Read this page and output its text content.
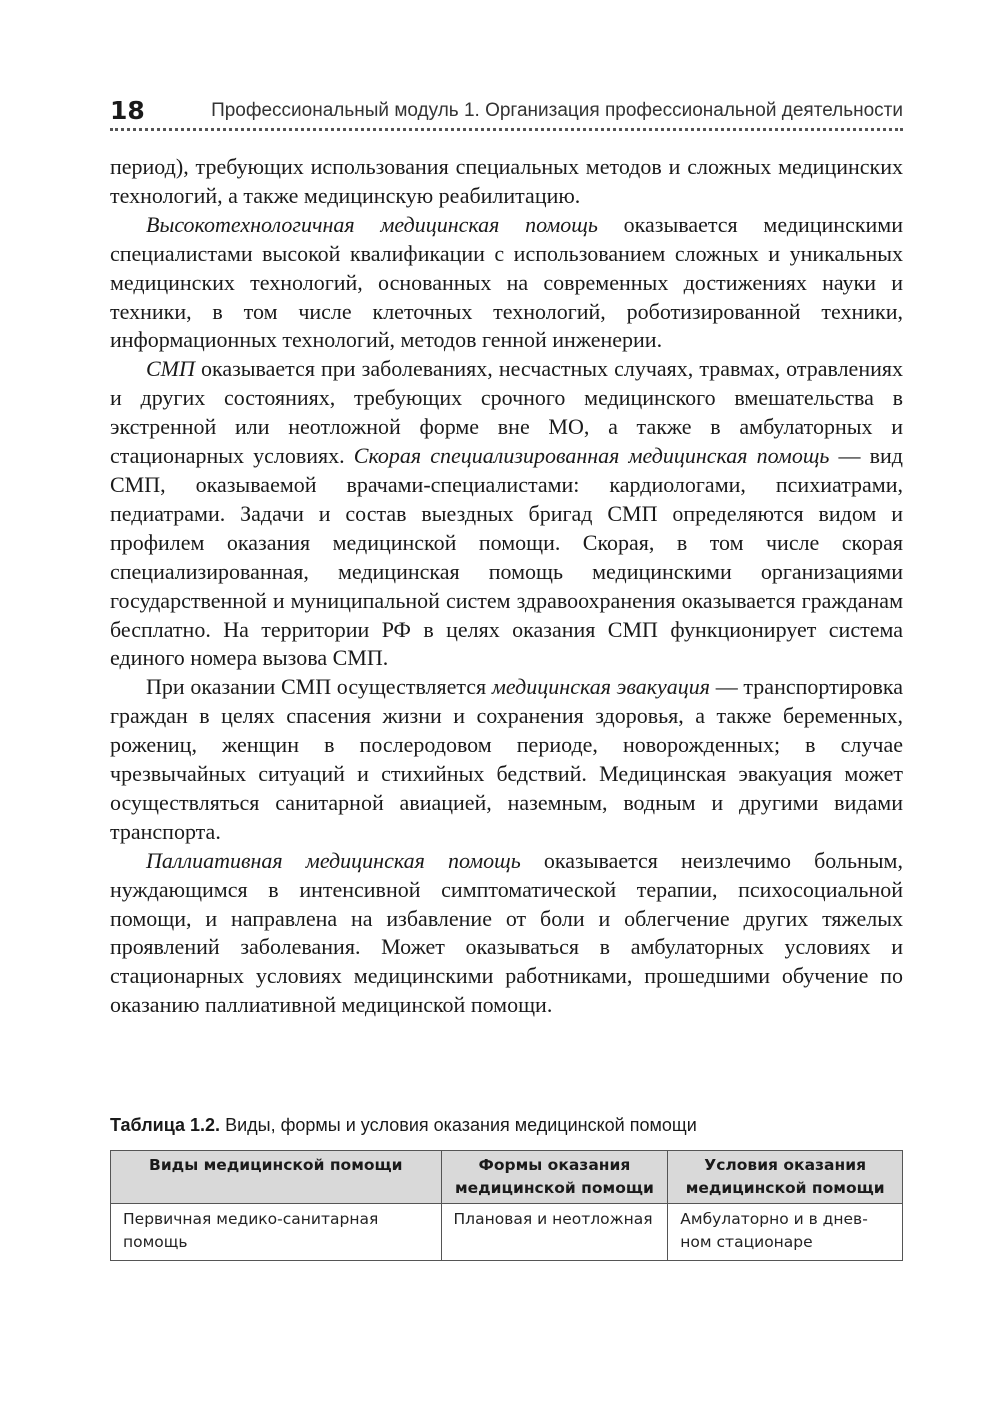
18	Профессиональный модуль 1. Организация профессиональной деятельности

период), требующих использования специальных методов и сложных медицинских технологий, а также медицинскую реабилитацию.

Высокотехнологичная медицинская помощь оказывается медицинскими специалистами высокой квалификации с использованием сложных и уникальных медицинских технологий, основанных на современных достижениях науки и техники, в том числе клеточных технологий, роботизированной техники, информационных технологий, методов генной инженерии.

СМП оказывается при заболеваниях, несчастных случаях, травмах, отравлениях и других состояниях, требующих срочного медицинского вмешательства в экстренной или неотложной форме вне МО, а также в амбулаторных и стационарных условиях. Скорая специализированная медицинская помощь — вид СМП, оказываемой врачами-специалистами: кардиологами, психиатрами, педиатрами. Задачи и состав выездных бригад СМП определяются видом и профилем оказания медицинской помощи. Скорая, в том числе скорая специализированная, медицинская помощь медицинскими организациями государственной и муниципальной систем здравоохранения оказывается гражданам бесплатно. На территории РФ в целях оказания СМП функционирует система единого номера вызова СМП.

При оказании СМП осуществляется медицинская эвакуация — транспортировка граждан в целях спасения жизни и сохранения здоровья, а также беременных, рожениц, женщин в послеродовом периоде, новорожденных; в случае чрезвычайных ситуаций и стихийных бедствий. Медицинская эвакуация может осуществляться санитарной авиацией, наземным, водным и другими видами транспорта.

Паллиативная медицинская помощь оказывается неизлечимо больным, нуждающимся в интенсивной симптоматической терапии, психосоциальной помощи, и направлена на избавление от боли и облегчение других тяжелых проявлений заболевания. Может оказываться в амбулаторных условиях и стационарных условиях медицинскими работниками, прошедшими обучение по оказанию паллиативной медицинской помощи.

Таблица 1.2. Виды, формы и условия оказания медицинской помощи
Виды медицинской помощи	Формы оказания медицинской помощи	Условия оказания медицинской помощи
Первичная медико-санитарная помощь	Плановая и неотложная	Амбулаторно и в дневном стационаре
